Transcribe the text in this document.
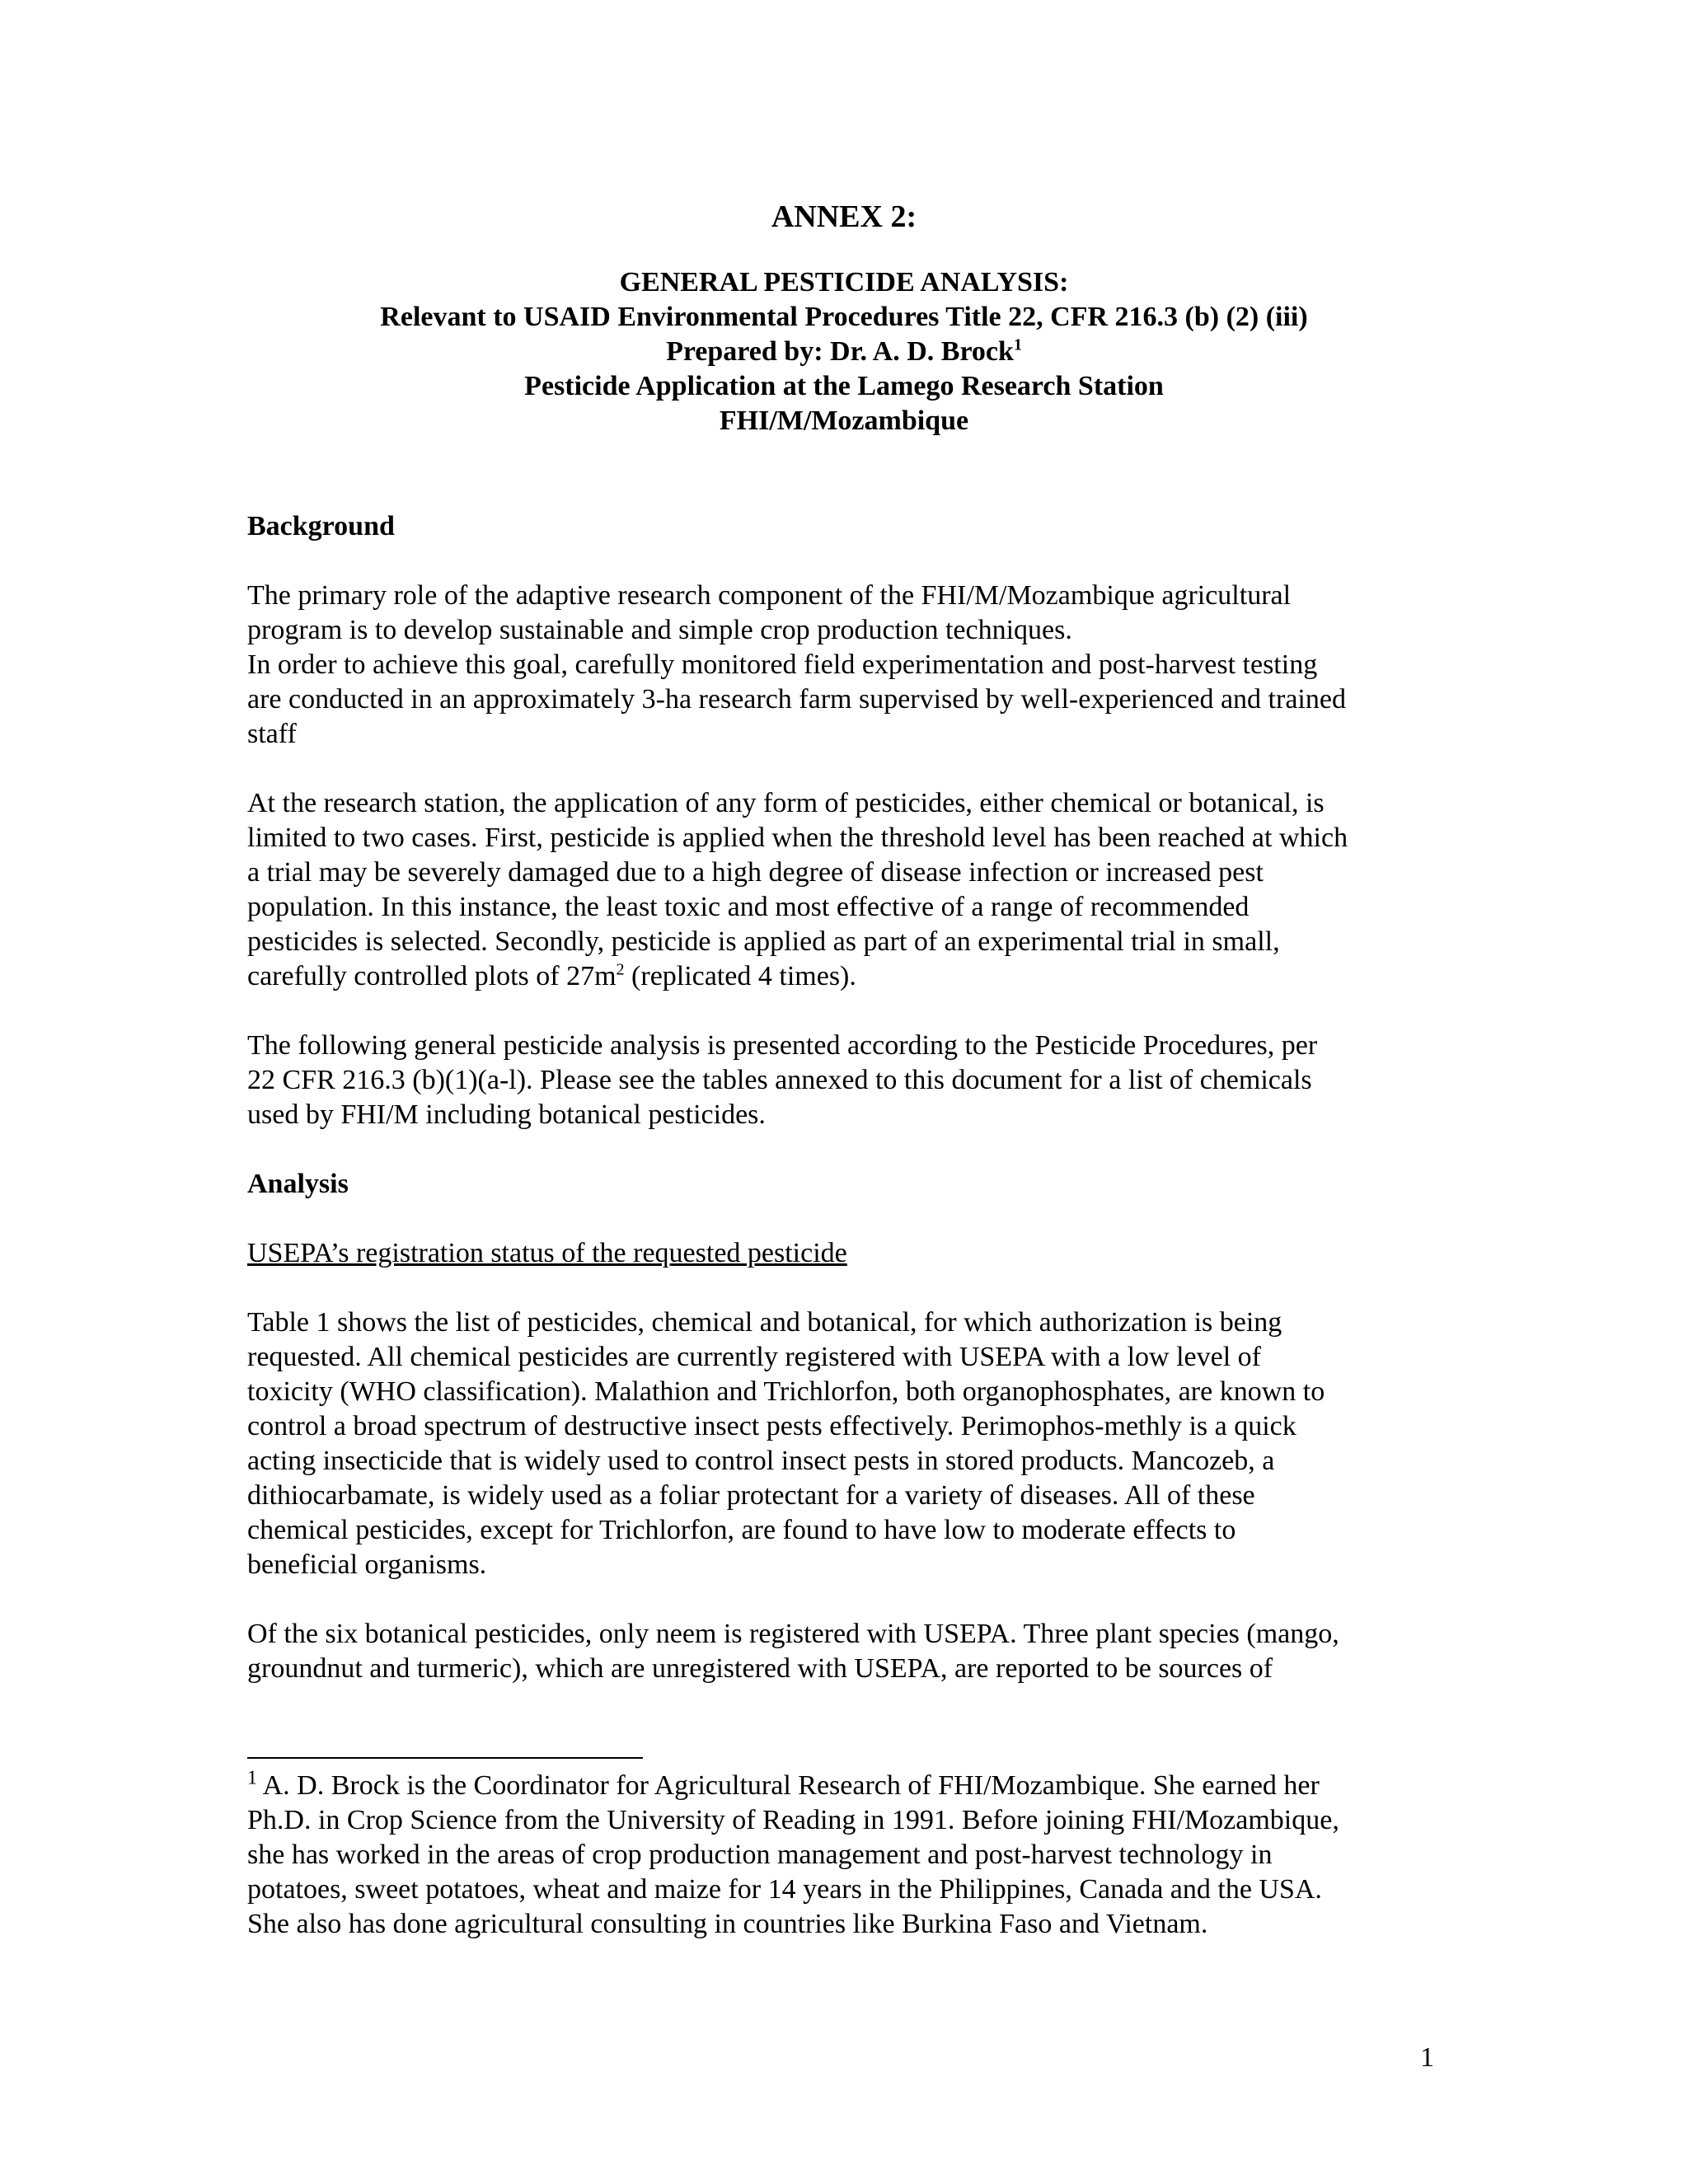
ANNEX 2:
GENERAL PESTICIDE ANALYSIS:
Relevant to USAID Environmental Procedures Title 22, CFR 216.3 (b) (2) (iii)
Prepared by: Dr. A. D. Brock$^1$
Pesticide Application at the Lamego Research Station
FHI/M/Mozambique
Background
The primary role of the adaptive research component of the FHI/M/Mozambique agricultural
program is to develop sustainable and simple crop production techniques.
In order to achieve this goal, carefully monitored field experimentation and post-harvest testing
are conducted in an approximately 3-ha research farm supervised by well-experienced and trained
staff
At the research station, the application of any form of pesticides, either chemical or botanical, is
limited to two cases. First, pesticide is applied when the threshold level has been reached at which
a trial may be severely damaged due to a high degree of disease infection or increased pest
population. In this instance, the least toxic and most effective of a range of recommended
pesticides is selected. Secondly, pesticide is applied as part of an experimental trial in small,
carefully controlled plots of $27m^2$ (replicated 4 times).
The following general pesticide analysis is presented according to the Pesticide Procedures, per
22 CFR 216.3 (b)(1)(a-l). Please see the tables annexed to this document for a list of chemicals
used by FHI/M including botanical pesticides.
Analysis
USEPA’s registration status of the requested pesticide
Table 1 shows the list of pesticides, chemical and botanical, for which authorization is being
requested. All chemical pesticides are currently registered with USEPA with a low level of
toxicity (WHO classification). Malathion and Trichlorfon, both organophosphates, are known to
control a broad spectrum of destructive insect pests effectively. Perimophos-methly is a quick
acting insecticide that is widely used to control insect pests in stored products. Mancozeb, a
dithiocarbamate, is widely used as a foliar protectant for a variety of diseases. All of these
chemical pesticides, except for Trichlorfon, are found to have low to moderate effects to
beneficial organisms.
Of the six botanical pesticides, only neem is registered with USEPA. Three plant species (mango,
groundnut and turmeric), which are unregistered with USEPA, are reported to be sources of
$^1$ A. D. Brock is the Coordinator for Agricultural Research of FHI/Mozambique. She earned her
Ph.D. in Crop Science from the University of Reading in 1991. Before joining FHI/Mozambique,
she has worked in the areas of crop production management and post-harvest technology in
potatoes, sweet potatoes, wheat and maize for 14 years in the Philippines, Canada and the USA.
She also has done agricultural consulting in countries like Burkina Faso and Vietnam.
1
